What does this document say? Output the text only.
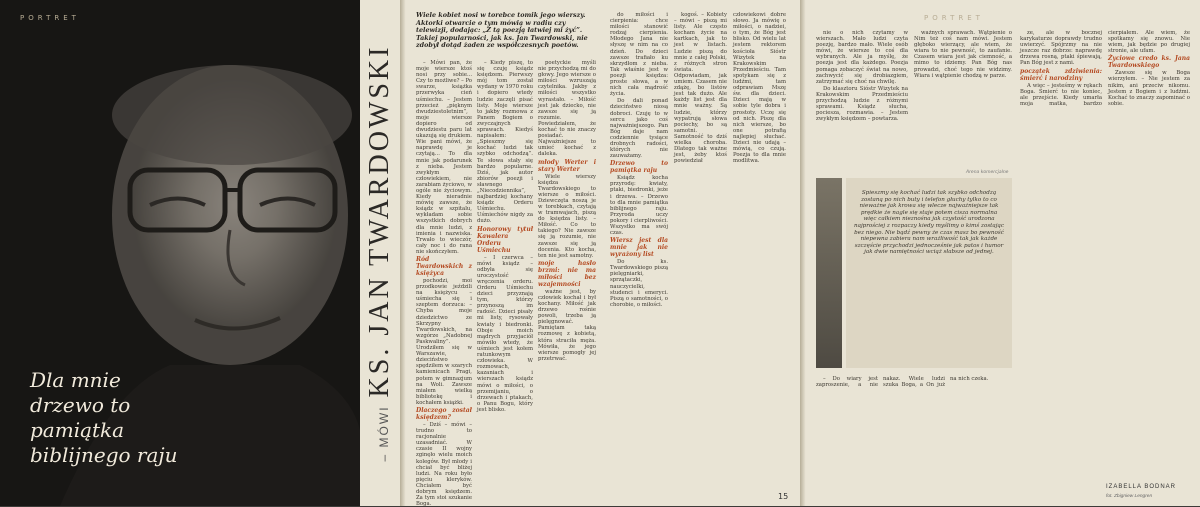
PORTRET
Dla mnie drzewo to pamiątka biblijnego raju	– MÓWIKS. JAN TWARDOWSKI
Wiele kobiet nosi w torebce tomik jego wierszy. Aktorki otwarcie o tym mówią w radiu czy telewizji, dodając: „Z tą poezją łatwiej mi żyć”. Takiej popularności, jak ks. Jan Twardowski, nie zdobył dotąd żaden ze współczesnych poetów.

– Mówi pan, że moje wiersze ktoś nosi przy sobie... Czy to możliwe? – Po swarze, książka przerwyka cień uśmiechu. – Jestem przecież „pięknym dwudziestoletnim”, moje wiersze dopiero od dwudziestu paru lat ukazują się drukiem. Wie pani mówi, że naprawdę je czytają... To dla mnie jak podarunek z nieba. Jestem zwykłym człowiekiem, nie zarabiam życiowo, w ogóle nie życiowym. Kiedy nieradnie mówię zawsze, że ksiądz w szpitalu, wykładam sobie wszystkich dobrych dla mnie ludzi, z imienia i nazwiska. Trwało to wieczór, cały noc i do rana nie skończyłem.

Ród Twardowskich z księżyca

pochodzi, moi przodkowie jeździli na księżycu – uśmiecha się i szeptem dorzuca: – Chyba moje dziedzictwo ze Skrzypny Twardowskich, na wzgórze „Nadobnej Paskwaliny”. Urodziłem się w Warszawie, dzieciństwo spędziłem w szarych kamienicach Pragi, potem w gimnazjum na Woli. Zawsze miałem wielką bibliotekę i kochałem książki.

Dlaczego został księdzem?

– Dziś – mówi – trudno to racjonalnie uzasadniać. W czasie II wojny zginęło wielu moich kolegów. Był młody i chciał być bliżej ludzi. Na roku było pięciu kleryków. Chciałem być dobrym księdzem. Za tym stoi szukanie Boga.

– Kiedy piszę, to się czuję ksiądz księdzem. Pierwszy mój tom został wydany w 1970 roku i dopiero wtedy ludzie zaczęli pisać listy. Moje wiersze to jakby rozmowa z Panem Bogiem o zwyczajnych sprawach. Kiedyś napisałem: „Spieszmy się kochać ludzi tak szybko odchodzą”. Te słowa stały się bardzo popularne. Dziś, jak autor zbiorów poezji i sławnego „Niecodziennika”, najbardziej kochany ksiądz Orderu Uśmiechu. Uśmiechów nigdy za dużo.

Honorowy tytuł Kawalera Orderu Uśmiechu

– I czerwca – mówi ksiądz – odbyła się uroczystość wręczenia orderu. Orderu Uśmiechu dzieci przyznają tym, którzy przynoszą im radość. Dzieci pisały mi listy, rysowały kwiaty i biedronki. Oboje moich mądrych przyjaciół mówiło wtedy, że uśmiech jest kołem ratunkowym człowieka. W rozmowach, kazaniach i wierszach ksiądz mówi o miłości, o przemijaniu, o drzewach i ptakach, o Panu Bogu, który jest blisko.

poetyckie myśli nie przychodzą mi do głowy. Jego wiersze o miłości wzruszają czytelnika. Jakby z miłości wszystko wyrastało. – Miłość jest jak dziecko, nie zawsze się ją rozumie. Powiedziałem, że kochać to nie znaczy posiadać. Najważniejsze to umieć kochać z daleka.

młody Werter i stary Werter

Wiele wierszy księdza Twardowskiego to wiersze o miłości. Dziewczęta noszą je w torebkach, czytają w tramwajach, piszą do księdza listy. – Miłość. Co to takiego? Nie zawsze się ją rozumie, nie zawsze się ją docenia. Kto kocha, ten nie jest samotny.

moje hasło brzmi: nie ma miłości bez wzajemności

ważne jest, by człowiek kochał i był kochany. Miłość jak drzewo rośnie powoli, trzeba ją pielęgnować. Pamiętam taką rozmowę z kobietą, która straciła męża. Mówiła, że jego wiersze pomogły jej przetrwać.

do miłości i cierpienia: chce miłości stanowić rodzaj cierpienia. Młodego Jana nie słyszę w nim na co dzień. Do dzieci zawsze trafiało ku skrzydłom z nieba. Tak właśnie jest w poezji księdza: proste słowa, a w nich cała mądrość życia.

Do dali ponad dzieciństwo niosą dobroci. Czuję to w sercu jako coś najważniejszego. Pan Bóg daje nam codziennie tysiące drobnych radości, których nie zauważamy.

Drzewo to pamiątka raju

Ksiądz kocha przyrodę: kwiaty, ptaki, biedronki, jeże i drzewa. – Drzewo to dla mnie pamiątka biblijnego raju. Przyroda uczy pokory i cierpliwości. Wszystko ma swój czas.

Wiersz jest dla mnie jak nie wyrażony list

Do ks. Twardowskiego piszą pielęgniarki, sprzątaczki, nauczycielki, studenci i emeryci. Piszą o samotności, o chorobie, o miłości.

kogoś. – Kobiety – mówi – piszą mi listy. Ale często kocham życie na kartkach, jak to jest w listach. Ludzie piszą do mnie z całej Polski, z różnych stron świata. Odpowiadam, jak umiem. Czasem nie zdążę, bo listów jest tak dużo. Ale każdy list jest dla mnie ważny. Są ludzie, którzy wypatrują słowa pociechy, bo są samotni. Samotność to dziś wielka choroba. Dlatego tak ważne jest, żeby ktoś powiedział człowiekowi dobre słowo. Ja mówię o miłości, o nadziei, o tym, że Bóg jest blisko. Od wielu lat jestem rektorem kościoła Sióstr Wizytek na Krakowskim Przedmieściu. Tam spotykam się z ludźmi, tam odprawiam Mszę św. dla dzieci. Dzieci mają w sobie tyle dobra i prostoty. Uczę się od nich. Piszę dla nich wiersze, bo one potrafią najlepiej słuchać. Dzieci nie udają – mówią, co czują. Poezja to dla mnie modlitwa.

PORTRET

nie o nich czytamy w wierszach. Mało ludzi czyta poezję, bardzo mało. Wiele osób mówi, że wiersze to coś dla wybranych. Ale ja myślę, że poezja jest dla każdego. Poezja pomaga zobaczyć świat na nowo, zachwycić się drobiazgiem, zatrzymać się choć na chwilę.

Do klasztoru Sióstr Wizytek na Krakowskim Przedmieściu przychodzą ludzie z różnymi sprawami. Ksiądz słucha, pociesza, rozmawia. – Jestem zwykłym księdzem – powtarza.

ważnych sprawach. Wątpienie o Nim też coś nam mówi. Jestem głęboko wierzący, ale wiem, że wiara to nie pewność, to zaufanie. Czasem wiara jest jak ciemność, a mimo to idziemy. Pan Bóg nas prowadzi, choć tego nie widzimy. Wiara i wątpienie chodzą w parze.

Arena komercjalne
Spieszmy się kochać ludzi tak szybko odchodzą zostaną po nich buty i telefon głuchy tylko to co nieważne jak krowa się wlecze najważniejsze tak prędkie że nagle się staje potem cisza normalna więc całkiem nieznośna jak czystość urodzona najprościej z rozpaczy kiedy myślimy o kimś zostając bez niego. Nie bądź pewny że czas masz bo pewność niepewna zabiera nam wrażliwość tak jak każde szczęście przychodzi jednocześnie jak patos i humor jak dwie namiętności wciąż słabsze od jednej.

– Do wiary jest zaproszenie, a nie nakaz. Wiele ludzi szuka Boga, a On już na nich czeka.

ze, ale w bocznej karykaturze doprawdy trudno uwierzyć. Spójrzmy na nie jeszcze raz dobrze: naprawdę drzewa rosną, ptaki śpiewają, Pan Bóg jest z nami.

początek zdziwienia: śmierć i narodziny

A więc – jesteśmy w rękach Boga. Śmierć to nie koniec, ale przejście. Kiedy umarła moja matka, bardzo cierpiałem. Ale wiem, że spotkamy się znowu. Nie wiem, jak będzie po drugiej stronie, ale ufam.

Życiowe credo ks. Jana Twardowskiego

Zawsze się w Boga wierzyłem. – Nie jestem za nikim, ani przeciw nikomu. Jestem z Bogiem i z ludźmi. Kochać to znaczy zapominać o sobie.

IZABELLA BODNAR
fot. Zbigniew Lengren
15
